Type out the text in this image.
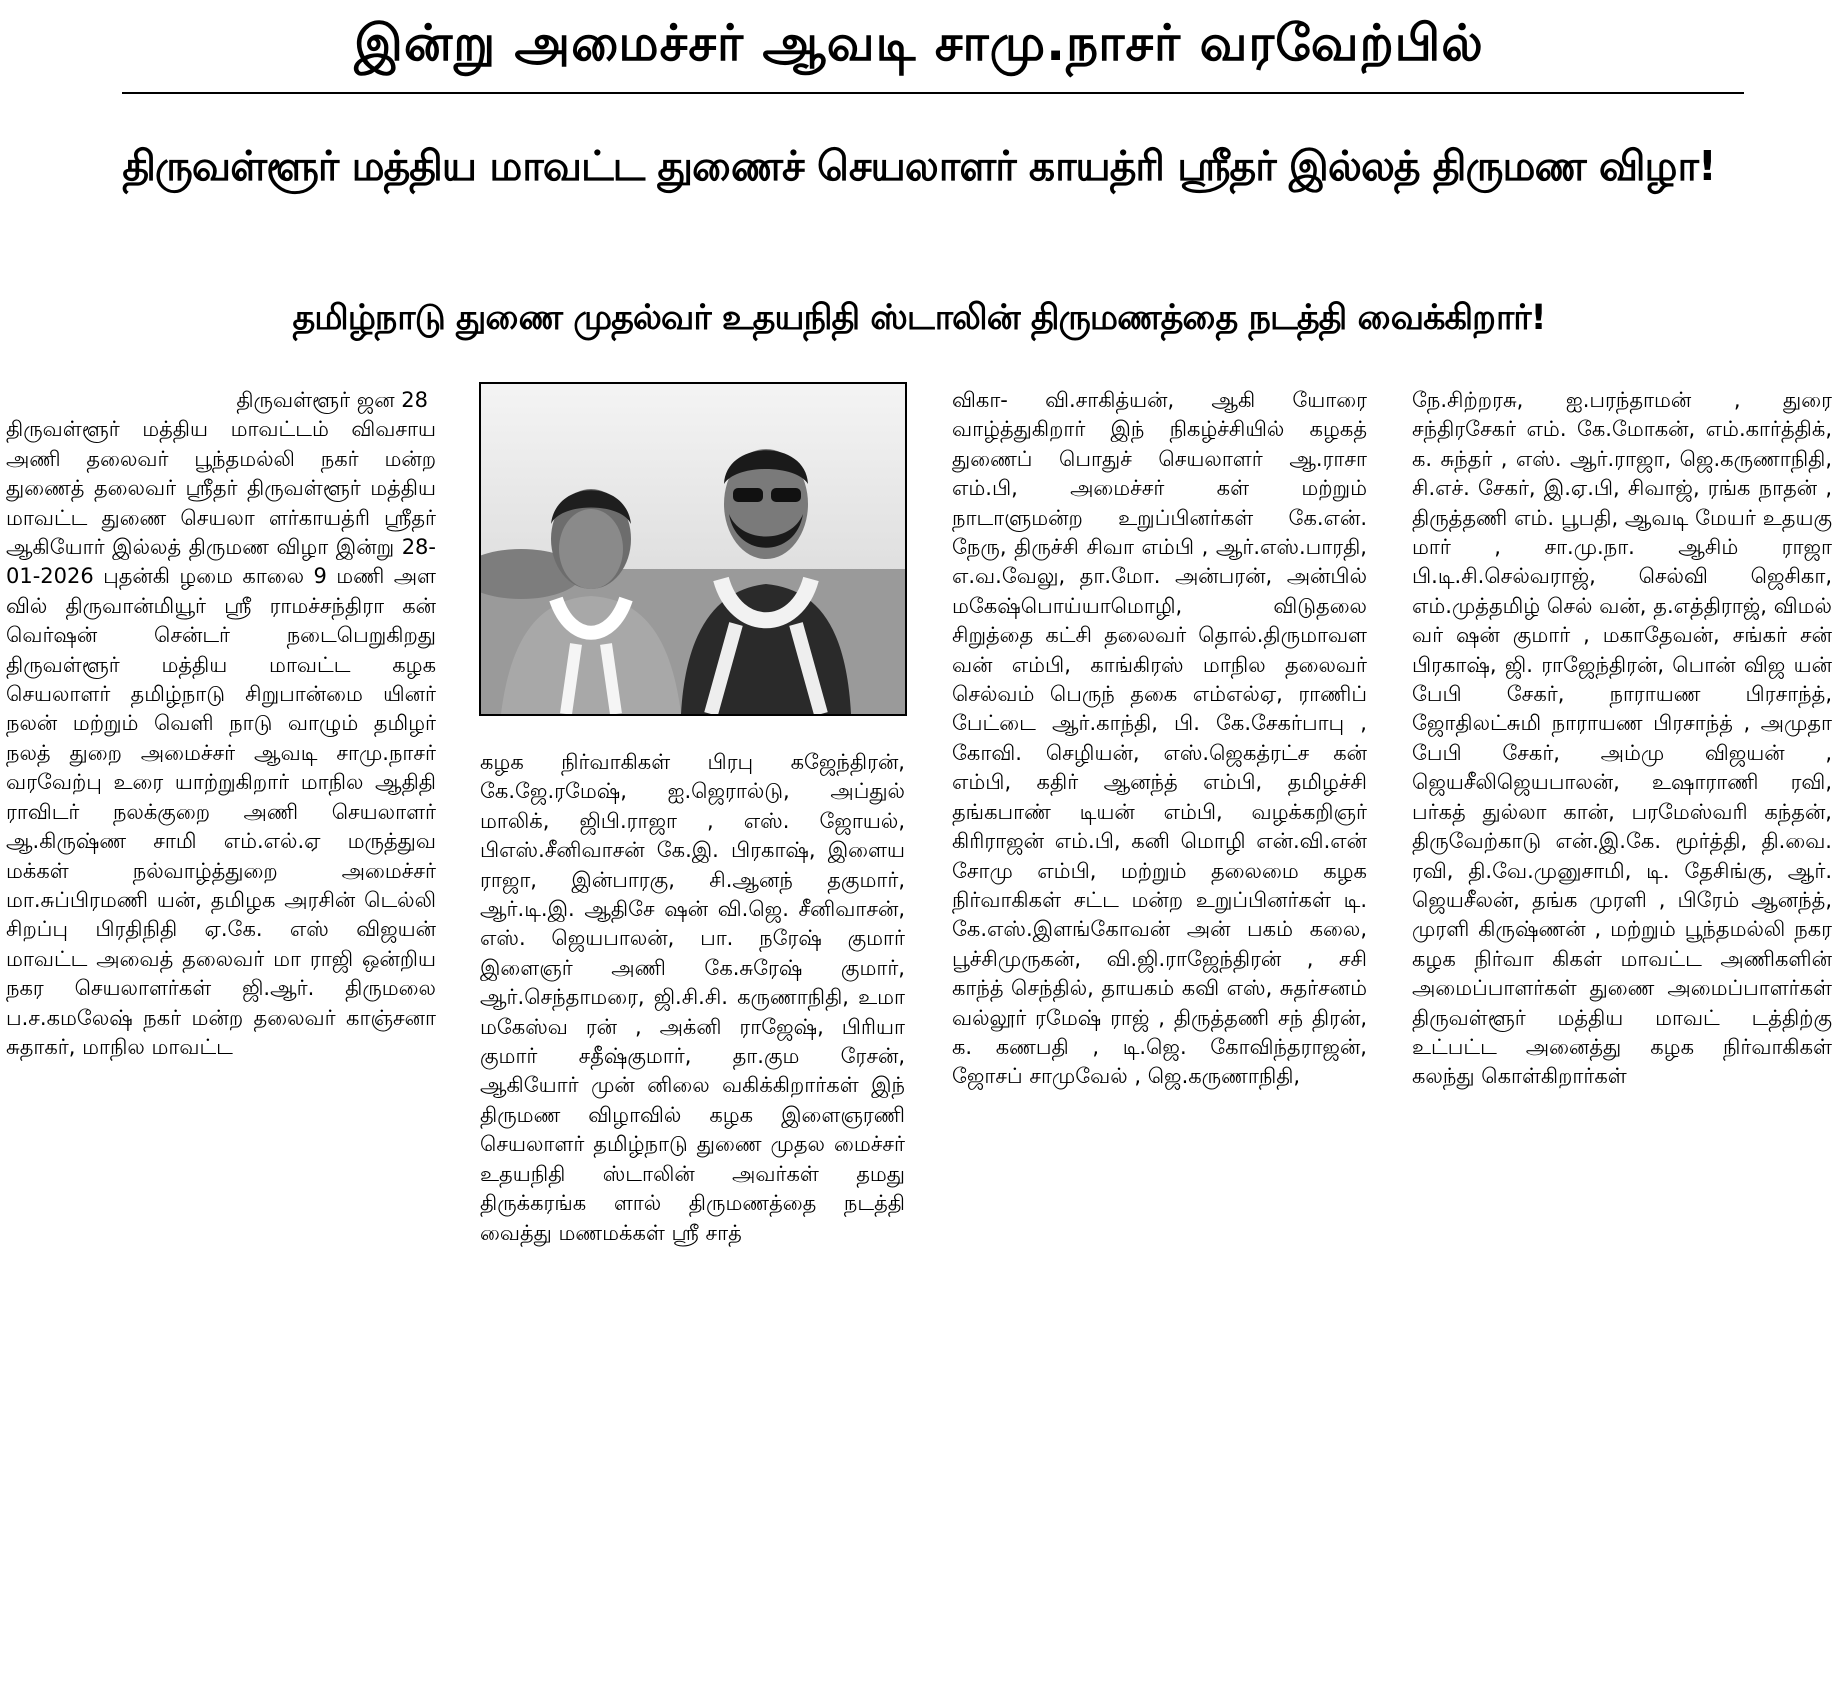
இன்று அமைச்சர் ஆவடி சாமு.நாசர் வரவேற்பில்
திருவள்ளூர் மத்திய மாவட்ட துணைச் செயலாளர் காயத்ரி ஸ்ரீதர் இல்லத் திருமண விழா!
தமிழ்நாடு துணை முதல்வர் உதயநிதி ஸ்டாலின் திருமணத்தை நடத்தி வைக்கிறார்!

திருவள்ளூர் ஜன 28

திருவள்ளூர் மத்திய மாவட்டம் விவசாய அணி தலைவர் பூந்தமல்லி நகர் மன்ற துணைத் தலைவர் ஸ்ரீதர் திருவள்ளூர் மத்திய மாவட்ட துணை செயலா ளர்காயத்ரி ஸ்ரீதர் ஆகியோர் இல்லத் திருமண விழா இன்று 28-01-2026 புதன்கி ழமை காலை 9 மணி அள வில் திருவான்மியூர் ஸ்ரீ ராமச்சந்திரா கன் வெர்ஷன் சென்டர் நடைபெறுகிறது திருவள்ளூர் மத்திய மாவட்ட கழக செயலாளர் தமிழ்நாடு சிறுபான்மை யினர் நலன் மற்றும் வெளி நாடு வாழும் தமிழர் நலத் துறை அமைச்சர் ஆவடி சாமு.நாசர் வரவேற்பு உரை யாற்றுகிறார் மாநில ஆதிதி ராவிடர் நலக்குறை அணி செயலாளர் ஆ.கிருஷ்ண சாமி எம்.எல்.ஏ மருத்துவ மக்கள் நல்வாழ்த்துறை அமைச்சர் மா.சுப்பிரமணி யன், தமிழக அரசின் டெல்லி சிறப்பு பிரதிநிதி ஏ.கே. எஸ் விஜயன் மாவட்ட அவைத் தலைவர் மா ராஜி ஒன்றிய நகர செயலாளர்கள் ஜி.ஆர். திருமலை ப.ச.கமலேஷ் நகர் மன்ற தலைவர் காஞ்சனா சுதாகர், மாநில மாவட்ட

கழக நிர்வாகிகள் பிரபு கஜேந்திரன், கே.ஜே.ரமேஷ், ஐ.ஜெரால்டு, அப்துல் மாலிக், ஜிபி.ராஜா , எஸ். ஜோயல், பிஎஸ்.சீனிவாசன் கே.இ. பிரகாஷ், இளைய ராஜா, இன்பாரகு, சி.ஆனந் தகுமார், ஆர்.டி.இ. ஆதிசே ஷன் வி.ஜெ. சீனிவாசன், எஸ். ஜெயபாலன், பா. நரேஷ் குமார் இளைஞர் அணி கே.சுரேஷ் குமார், ஆர்.செந்தாமரை, ஜி.சி.சி. கருணாநிதி, உமா மகேஸ்வ ரன் , அக்னி ராஜேஷ், பிரியா குமார் சதீஷ்குமார், தா.கும ரேசன், ஆகியோர் முன் னிலை வகிக்கிறார்கள் இந் திருமண விழாவில் கழக இளைஞரணி செயலாளர் தமிழ்நாடு துணை முதல மைச்சர் உதயநிதி ஸ்டாலின் அவர்கள் தமது திருக்கரங்க ளால் திருமணத்தை நடத்தி வைத்து மணமக்கள் ஸ்ரீ சாத்

விகா- வி.சாகித்யன், ஆகி யோரை வாழ்த்துகிறார் இந் நிகழ்ச்சியில் கழகத் துணைப் பொதுச் செயலாளர் ஆ.ராசா எம்.பி, அமைச்சர் கள் மற்றும் நாடாளுமன்ற உறுப்பினர்கள் கே.என். நேரு, திருச்சி சிவா எம்பி , ஆர்.எஸ்.பாரதி, எ.வ.வேலு, தா.மோ. அன்பரன், அன்பில் மகேஷ்பொய்யாமொழி, விடுதலை சிறுத்தை கட்சி தலைவர் தொல்.திருமாவள வன் எம்பி, காங்கிரஸ் மாநில தலைவர் செல்வம் பெருந் தகை எம்எல்ஏ, ராணிப் பேட்டை ஆர்.காந்தி, பி. கே.சேகர்பாபு , கோவி. செழியன், எஸ்.ஜெகத்ரட்ச கன் எம்பி, கதிர் ஆனந்த் எம்பி, தமிழச்சி தங்கபாண் டியன் எம்பி, வழக்கறிஞர் கிரிராஜன் எம்.பி, கனி மொழி என்.வி.என் சோமு எம்பி, மற்றும் தலைமை கழக நிர்வாகிகள் சட்ட மன்ற உறுப்பினர்கள் டி. கே.எஸ்.இளங்கோவன் அன் பகம் கலை, பூச்சிமுருகன், வி.ஜி.ராஜேந்திரன் , சசி காந்த் செந்தில், தாயகம் கவி எஸ், சுதர்சனம் வல்லூர் ரமேஷ் ராஜ் , திருத்தணி சந் திரன், க. கணபதி , டி.ஜெ. கோவிந்தராஜன், ஜோசப் சாமுவேல் , ஜெ.கருணாநிதி,

நே.சிற்றரசு, ஐ.பரந்தாமன் , துரை சந்திரசேகர் எம். கே.மோகன், எம்.கார்த்திக், க. சுந்தர் , எஸ். ஆர்.ராஜா, ஜெ.கருணாநிதி, சி.எச். சேகர், இ.ஏ.பி, சிவாஜ், ரங்க நாதன் , திருத்தணி எம். பூபதி, ஆவடி மேயர் உதயகு மார் , சா.மு.நா. ஆசிம் ராஜா பி.டி.சி.செல்வராஜ், செல்வி ஜெசிகா, எம்.முத்தமிழ் செல் வன், த.எத்திராஜ், விமல் வர் ஷன் குமார் , மகாதேவன், சங்கர் சன் பிரகாஷ், ஜி. ராஜேந்திரன், பொன் விஜ யன் பேபி சேகர், நாராயண பிரசாந்த், ஜோதிலட்சுமி நாராயண பிரசாந்த் , அமுதா பேபி சேகர், அம்மு விஜயன் , ஜெயசீலிஜெயபாலன், உஷாராணி ரவி, பர்கத் துல்லா கான், பரமேஸ்வரி கந்தன், திருவேற்காடு என்.இ.கே. மூர்த்தி, தி.வை. ரவி, தி.வே.முனுசாமி, டி. தேசிங்கு, ஆர். ஜெயசீலன், தங்க முரளி , பிரேம் ஆனந்த், முரளி கிருஷ்ணன் , மற்றும் பூந்தமல்லி நகர கழக நிர்வா கிகள் மாவட்ட அணிகளின் அமைப்பாளர்கள் துணை அமைப்பாளர்கள் திருவள்ளூர் மத்திய மாவட் டத்திற்கு உட்பட்ட அனைத்து கழக நிர்வாகிகள் கலந்து கொள்கிறார்கள்
